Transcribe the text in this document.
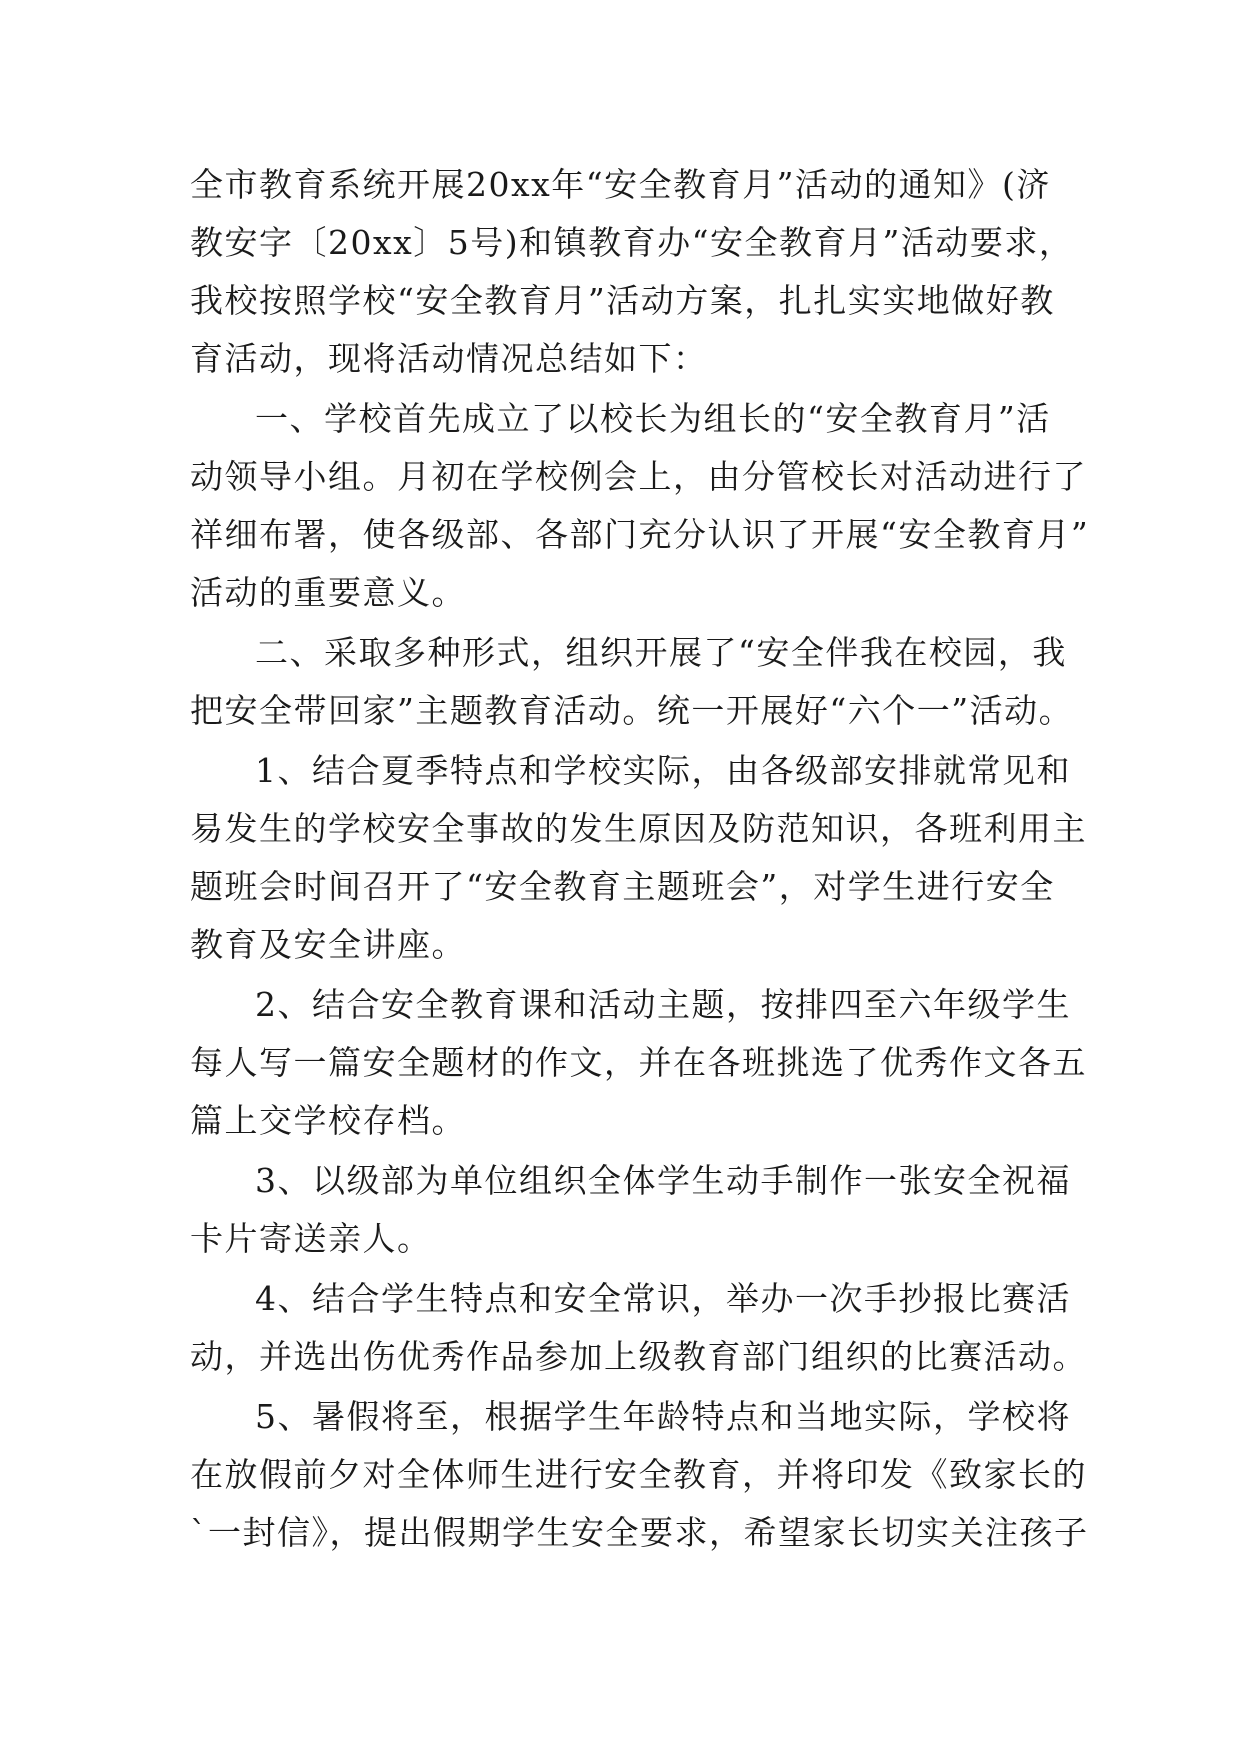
全市教育系统开展20xx年“安全教育月”活动的通知》(济
教安字〔20xx〕5号)和镇教育办“安全教育月”活动要求，
我校按照学校“安全教育月”活动方案，扎扎实实地做好教
育活动，现将活动情况总结如下：
一、学校首先成立了以校长为组长的“安全教育月”活
动领导小组。月初在学校例会上，由分管校长对活动进行了
祥细布署，使各级部、各部门充分认识了开展“安全教育月”
活动的重要意义。
二、采取多种形式，组织开展了“安全伴我在校园，我
把安全带回家”主题教育活动。统一开展好“六个一”活动。
1、结合夏季特点和学校实际，由各级部安排就常见和
易发生的学校安全事故的发生原因及防范知识，各班利用主
题班会时间召开了“安全教育主题班会”，对学生进行安全
教育及安全讲座。
2、结合安全教育课和活动主题，按排四至六年级学生
每人写一篇安全题材的作文，并在各班挑选了优秀作文各五
篇上交学校存档。
3、以级部为单位组织全体学生动手制作一张安全祝福
卡片寄送亲人。
4、结合学生特点和安全常识，举办一次手抄报比赛活
动，并选出伤优秀作品参加上级教育部门组织的比赛活动。
5、暑假将至，根据学生年龄特点和当地实际，学校将
在放假前夕对全体师生进行安全教育，并将印发《致家长的
`一封信》，提出假期学生安全要求，希望家长切实关注孩子
